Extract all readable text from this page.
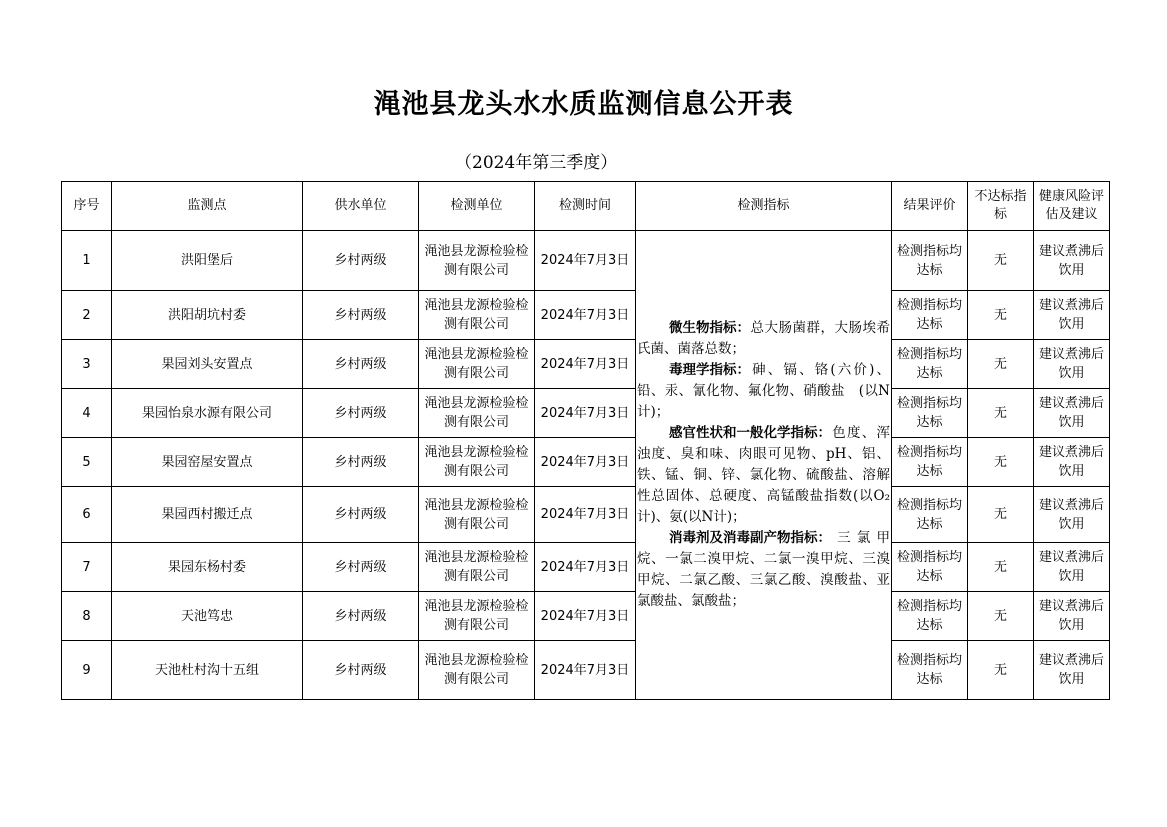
渑池县龙头水水质监测信息公开表
（2024年第三季度）
序号	监测点	供水单位	检测单位	检测时间	检测指标	结果评价	不达标指标	健康风险评估及建议
1	洪阳堡后	乡村两级	渑池县龙源检验检测有限公司	2024年7月3日	微生物指标：总大肠菌群，大肠埃希氏菌、菌落总数；
毒理学指标：砷、镉、铬(六价)、铅、汞、氰化物、氟化物、硝酸盐　(以N计)；
感官性状和一般化学指标：色度、浑浊度、臭和味、肉眼可见物、pH、铝、铁、锰、铜、锌、氯化物、硫酸盐、溶解性总固体、总硬度、高锰酸盐指数(以O₂计)、氨(以N计)；
消毒剂及消毒副产物指标：三氯甲烷、一氯二溴甲烷、二氯一溴甲烷、三溴甲烷、二氯乙酸、三氯乙酸、溴酸盐、亚氯酸盐、氯酸盐；	检测指标均达标	无	建议煮沸后饮用
2	洪阳胡坑村委	乡村两级	渑池县龙源检验检测有限公司	2024年7月3日		检测指标均达标	无	建议煮沸后饮用
3	果园刘头安置点	乡村两级	渑池县龙源检验检测有限公司	2024年7月3日		检测指标均达标	无	建议煮沸后饮用
4	果园怡泉水源有限公司	乡村两级	渑池县龙源检验检测有限公司	2024年7月3日		检测指标均达标	无	建议煮沸后饮用
5	果园窑屋安置点	乡村两级	渑池县龙源检验检测有限公司	2024年7月3日		检测指标均达标	无	建议煮沸后饮用
6	果园西村搬迁点	乡村两级	渑池县龙源检验检测有限公司	2024年7月3日		检测指标均达标	无	建议煮沸后饮用
7	果园东杨村委	乡村两级	渑池县龙源检验检测有限公司	2024年7月3日		检测指标均达标	无	建议煮沸后饮用
8	天池笃忠	乡村两级	渑池县龙源检验检测有限公司	2024年7月3日		检测指标均达标	无	建议煮沸后饮用
9	天池杜村沟十五组	乡村两级	渑池县龙源检验检测有限公司	2024年7月3日		检测指标均达标	无	建议煮沸后饮用
